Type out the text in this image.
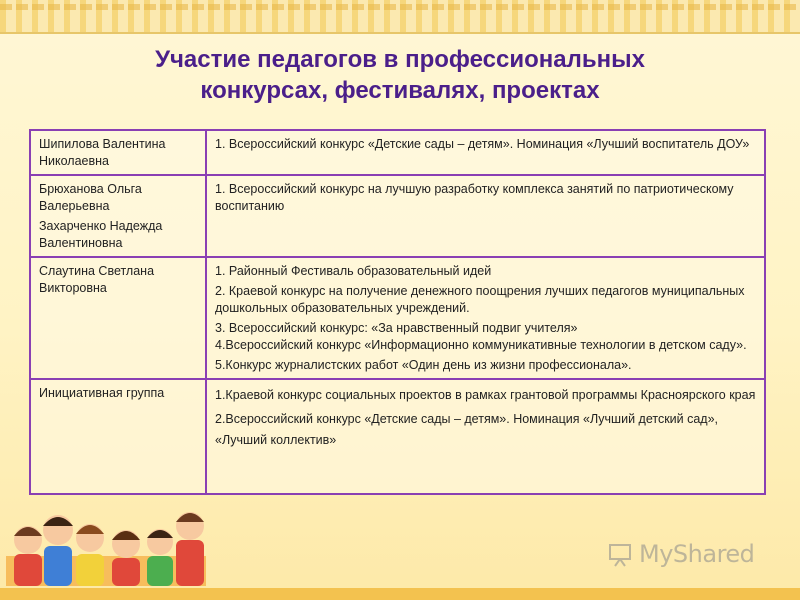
Участие педагогов в профессиональных
конкурсах, фестивалях, проектах
Шипилова Валентина Николаевна	1. Всероссийский конкурс «Детские сады – детям». Номинация «Лучший воспитатель ДОУ»

Брюханова Ольга Валерьевна
Захарченко Надежда Валентиновна	1. Всероссийский конкурс на лучшую разработку комплекса занятий по патриотическому воспитанию

Слаутина Светлана Викторовна	1. Районный Фестиваль образовательный идей
2. Краевой конкурс на получение денежного поощрения лучших педагогов муниципальных дошкольных образовательных учреждений.
3. Всероссийский конкурс: «За нравственный подвиг учителя»
4.Всероссийский конкурс «Информационно коммуникативные технологии в детском саду».
5.Конкурс журналистских работ «Один день из жизни профессионала».

Инициативная группа	1.Краевой конкурс социальных проектов в рамках грантовой программы Красноярского края
2.Всероссийский конкурс «Детские сады – детям». Номинация «Лучший детский сад», «Лучший коллектив»
MyShared
